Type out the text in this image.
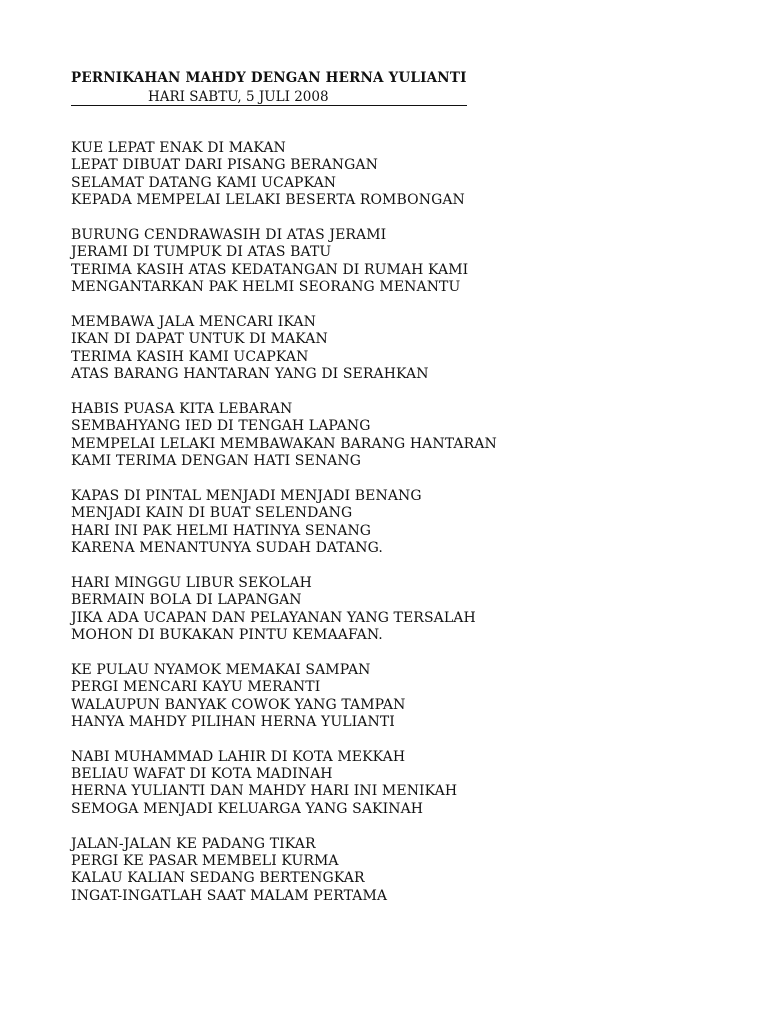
PERNIKAHAN MAHDY DENGAN HERNA YULIANTI
HARI SABTU, 5 JULI 2008
KUE LEPAT ENAK DI MAKAN
LEPAT DIBUAT DARI PISANG BERANGAN
SELAMAT DATANG KAMI UCAPKAN
KEPADA MEMPELAI LELAKI BESERTA ROMBONGAN
BURUNG CENDRAWASIH DI ATAS JERAMI
JERAMI DI TUMPUK DI ATAS BATU
TERIMA KASIH ATAS KEDATANGAN DI RUMAH KAMI
MENGANTARKAN PAK HELMI SEORANG MENANTU
MEMBAWA JALA MENCARI IKAN
IKAN DI DAPAT UNTUK DI MAKAN
TERIMA KASIH KAMI UCAPKAN
ATAS BARANG HANTARAN YANG DI SERAHKAN
HABIS PUASA KITA LEBARAN
SEMBAHYANG IED DI TENGAH LAPANG
MEMPELAI LELAKI MEMBAWAKAN BARANG HANTARAN
KAMI TERIMA DENGAN HATI SENANG
KAPAS DI PINTAL MENJADI MENJADI BENANG
MENJADI KAIN DI BUAT SELENDANG
HARI INI PAK HELMI HATINYA SENANG
KARENA MENANTUNYA SUDAH DATANG.
HARI MINGGU LIBUR SEKOLAH
BERMAIN BOLA DI LAPANGAN
JIKA ADA UCAPAN DAN PELAYANAN YANG TERSALAH
MOHON DI BUKAKAN PINTU KEMAAFAN.
KE PULAU NYAMOK MEMAKAI SAMPAN
PERGI MENCARI KAYU MERANTI
WALAUPUN BANYAK COWOK YANG TAMPAN
HANYA MAHDY PILIHAN HERNA YULIANTI
NABI MUHAMMAD LAHIR DI KOTA MEKKAH
BELIAU WAFAT DI KOTA MADINAH
HERNA YULIANTI DAN MAHDY HARI INI MENIKAH
SEMOGA MENJADI KELUARGA YANG SAKINAH
JALAN-JALAN KE PADANG TIKAR
PERGI KE PASAR MEMBELI KURMA
KALAU KALIAN SEDANG BERTENGKAR
INGAT-INGATLAH SAAT MALAM PERTAMA
